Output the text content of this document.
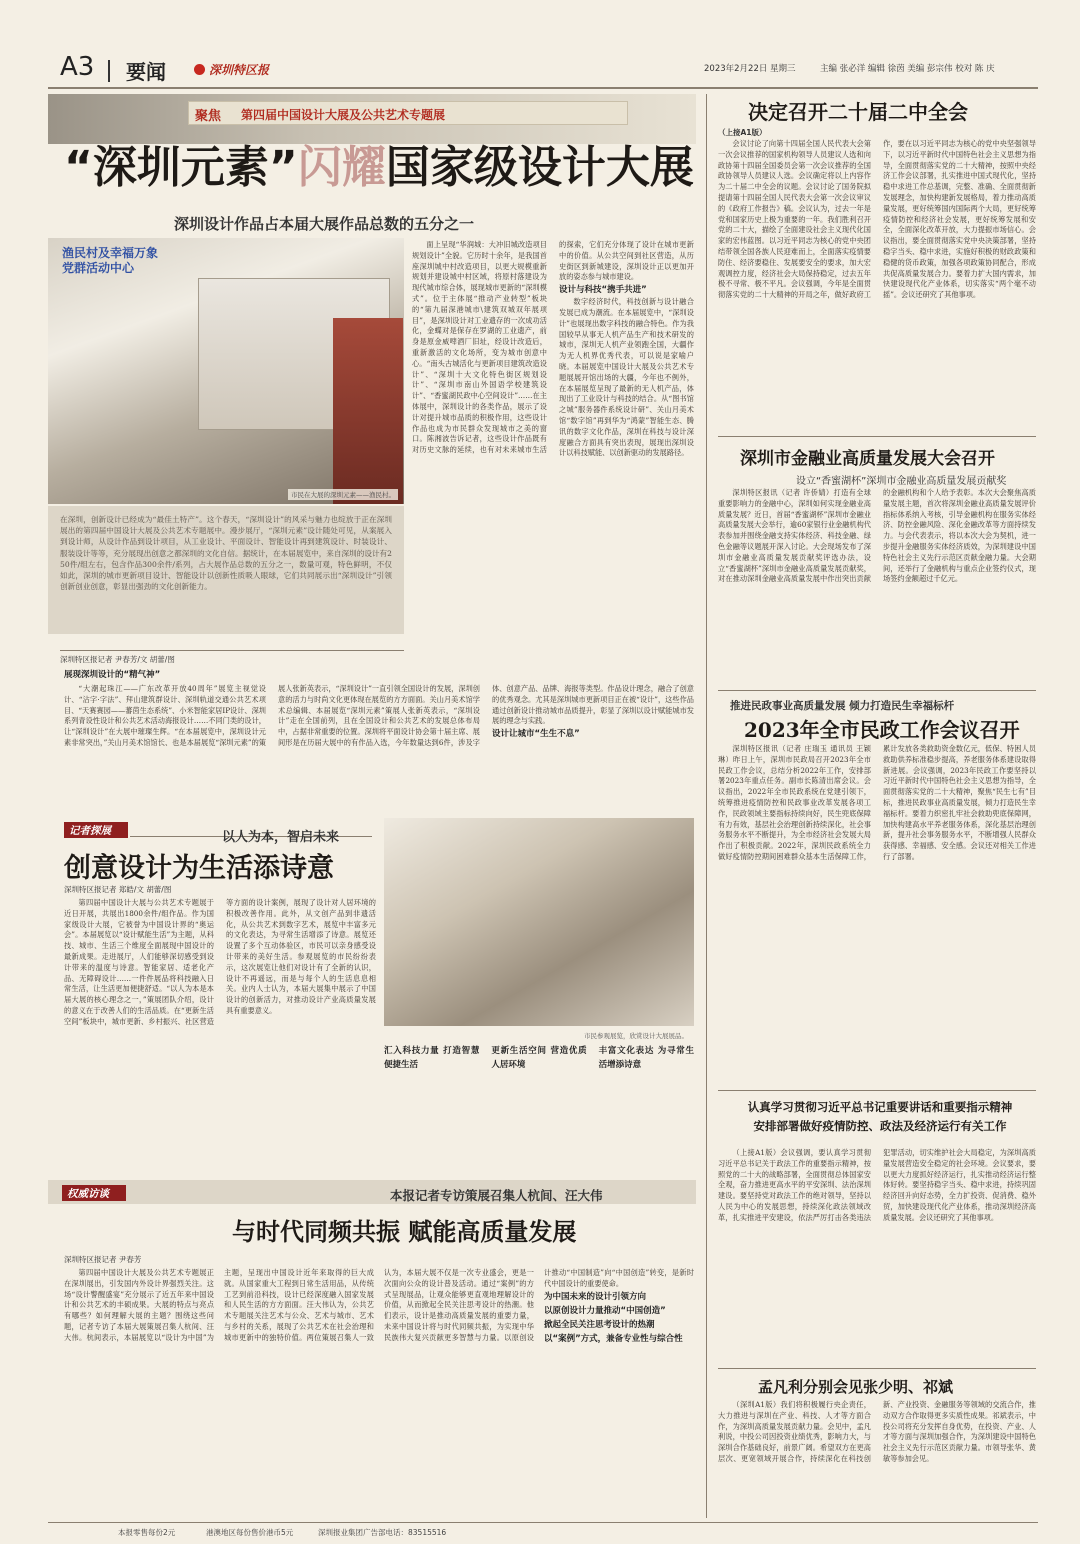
A3 要闻	深圳特区报	2023年2月22日 星期三	主编 张必洋 编辑 徐茵 美编 彭宗伟 校对 陈 庆
聚焦 第四届中国设计大展及公共艺术专题展
“深圳元素”闪耀国家级设计大展
深圳设计作品占本届大展作品总数的五分之一
渔民村及幸福万象
党群活动中心
市民在大展的深圳元素——渔民村。

面上呈现“华润城：大冲旧城改造项目规划设计”全貌。它历时十余年，是我国首座深圳城中村改造项目，以更大规模重新规划并建设城中村区域，将原村落建设为现代城市综合体，展现城市更新的“深圳模式”。位于主体展“推动产业转型”板块的“第九届深港城市\建筑双城双年展项目”，是深圳设计对工业遗存的一次成功活化，金蝶对是保存在罗湖的工业遗产，前身是原金威啤酒厂旧址，经设计改造后，重新激活的文化场所，变为城市创意中心。“南头古城活化与更新项目建筑改造设计”、“深圳十大文化特色街区规划设计”、“深圳市南山外国语学校建筑设计”、“香蜜湖民政中心空间设计”……在主体展中，深圳设计的各类作品，展示了设计对提升城市品质的积极作用，这些设计作品也成为市民群众发现城市之美的窗口。陈湘波告诉记者，这些设计作品既有对历史文脉的延续，也有对未来城市生活的探索，它们充分体现了设计在城市更新中的价值。从公共空间到社区营造，从历史街区到新城建设，深圳设计正以更加开放的姿态参与城市建设。

设计与科技“携手共进”

数字经济时代，科技创新与设计融合发展已成为潮流。在本届展览中，“深圳设计”也展现出数字科技的融合特色。作为我国较早从事无人机产品生产和技术研发的城市，深圳无人机产业领跑全国，大疆作为无人机界优秀代表，可以说是家喻户晓。本届展览中国设计大展及公共艺术专题展展开馆出场的大疆，今年也不例外，在本届展览呈现了最新的无人机产品，体现出了工业设计与科技的结合。从“图书馆之城”服务器件系统设计研”、关山月美术馆“数字馆”再到华为“鸿蒙”智能生态、腾讯的数字文化作品，深圳在科技与设计深度融合方面具有突出表现，展现出深圳设计以科技赋能、以创新驱动的发展路径。

在深圳，创新设计已经成为“最佳土特产”。这个春天，“深圳设计”的风采与魅力也绽放于正在深圳展出的第四届中国设计大展及公共艺术专题展中。漫步展厅，“深圳元素”设计随处可见，从案展入到设计师，从设计作品到设计项目，从工业设计、平面设计、智能设计再到建筑设计、时装设计、服装设计等等，充分展现出创意之都深圳的文化自信。据统计，在本届展览中，来自深圳的设计有250件/组左右，包含作品300余件/系列，占大展作品总数的五分之一，数量可观，特色鲜明，不仅如此，深圳的城市更新项目设计、智能设计以创新性质吸人眼球，它们共同展示出“深圳设计”引领创新创业创意，彰显出强劲的文化创新能力。
深圳特区报记者 尹春芳/文 胡蕾/图
展现深圳设计的“精气神”

“大潮起珠江——广东改革开放40周年”展览主视觉设计、“沾字·字法”、拜山建筑群设计、深圳轨道交通公共艺术项目、“天赛赛园——蕃茵生态系统”、小米智能家居IP设计、深圳系列青设性设计和公共艺术活动海报设计……不同门类的设计，让“深圳设计”在大展中璀璨生辉。“在本届展览中，深圳设计元素非常突出，”关山月美术馆馆长、也是本届展览“深圳元素”的策展人张新英表示，“深圳设计”一直引领全国设计的发展，深圳创意的活力与时尚文化更体现在展览的方方面面。关山月美术馆学术总编辑、本届展览“深圳元素”策展人张新英表示，“深圳设计”走在全国前列，且在全国设计和公共艺术的发展总体布局中，占据非常重要的位置。深圳将平面设计协会第十届主席、展间形是在历届大展中的有作品入选，今年数量达到6件，涉及字体、创意产品、品牌、海报等类型。作品设计理念，融合了创意的优秀观念。尤其是深圳城市更新项目正在被“设计”，这些作品通过创新设计推动城市品质提升，彰显了深圳以设计赋能城市发展的理念与实践。

设计让城市“生生不息”
记者探展	以人为本，智启未来
创意设计为生活添诗意
市民参观展览，欣赏设计大展展品。
深圳特区报记者 郑皓/文 胡蕾/图

第四届中国设计大展与公共艺术专题展于近日开展，共展出1800余件/组作品。作为国家级设计大展，它被誉为中国设计界的“奥运会”。本届展览以“设计赋能生活”为主题，从科技、城市、生活三个维度全面展现中国设计的最新成果。走进展厅，人们能够深切感受到设计带来的温度与诗意。智能家居、适老化产品、无障碍设计……一件件展品将科技融入日常生活，让生活更加便捷舒适。“以人为本是本届大展的核心理念之一，”策展团队介绍，设计的意义在于改善人们的生活品质。在“更新生活空间”板块中，城市更新、乡村振兴、社区营造等方面的设计案例，展现了设计对人居环境的积极改善作用。此外，从文创产品到非遗活化，从公共艺术到数字艺术，展览中丰富多元的文化表达，为寻常生活增添了诗意。展览还设置了多个互动体验区，市民可以亲身感受设计带来的美好生活。参观展览的市民纷纷表示，这次展览让他们对设计有了全新的认识，设计不再遥远，而是与每个人的生活息息相关。业内人士认为，本届大展集中展示了中国设计的创新活力，对推动设计产业高质量发展具有重要意义。

汇入科技力量 打造智慧便捷生活
更新生活空间 营造优质人居环境
丰富文化表达 为寻常生活增添诗意
权威访谈	本报记者专访策展召集人杭间、汪大伟
与时代同频共振 赋能高质量发展
深圳特区报记者 尹春芳

第四届中国设计大展及公共艺术专题展正在深圳展出，引发国内外设计界强烈关注。这场“设计警醒盛宴”充分展示了近五年来中国设计和公共艺术的丰硕成果。大展的特点与亮点有哪些？如何理解大展的主题？围绕这些问题，记者专访了本届大展策展召集人杭间、汪大伟。杭间表示，本届展览以“设计为中国”为主题，呈现出中国设计近年来取得的巨大成就。从国家重大工程到日常生活用品，从传统工艺到前沿科技，设计已经深度融入国家发展和人民生活的方方面面。汪大伟认为，公共艺术专题展关注艺术与公众、艺术与城市、艺术与乡村的关系，展现了公共艺术在社会治理和城市更新中的独特价值。两位策展召集人一致认为，本届大展不仅是一次专业盛会，更是一次面向公众的设计普及活动。通过“案例”的方式呈现展品，让观众能够更直观地理解设计的价值，从而掀起全民关注思考设计的热潮。他们表示，设计是推动高质量发展的重要力量，未来中国设计将与时代同频共振，为实现中华民族伟大复兴贡献更多智慧与力量。以原创设计推动“中国制造”向“中国创造”转变，是新时代中国设计的重要使命。

为中国未来的设计引领方向
以原创设计力量推动“中国创造”
掀起全民关注思考设计的热潮
以“案例”方式，兼备专业性与综合性
决定召开二十届二中全会
（上接A1版）

会议讨论了向第十四届全国人民代表大会第一次会议推荐的国家机构领导人员建议人选和向政协第十四届全国委员会第一次会议推荐的全国政协领导人员建议人选。会议确定将以上内容作为二十届二中全会的议题。会议讨论了国务院拟提请第十四届全国人民代表大会第一次会议审议的《政府工作报告》稿。会议认为，过去一年是党和国家历史上极为重要的一年。我们胜利召开党的二十大，描绘了全面建设社会主义现代化国家的宏伟蓝图。以习近平同志为核心的党中央团结带领全国各族人民迎难而上，全面落实疫情要防住、经济要稳住、发展要安全的要求，加大宏观调控力度，经济社会大局保持稳定，过去五年极不寻常、极不平凡。会议强调，今年是全面贯彻落实党的二十大精神的开局之年，做好政府工作，要在以习近平同志为核心的党中央坚强领导下，以习近平新时代中国特色社会主义思想为指导，全面贯彻落实党的二十大精神，按照中央经济工作会议部署，扎实推进中国式现代化，坚持稳中求进工作总基调，完整、准确、全面贯彻新发展理念，加快构建新发展格局，着力推动高质量发展，更好统筹国内国际两个大局，更好统筹疫情防控和经济社会发展，更好统筹发展和安全，全面深化改革开放，大力提振市场信心。会议指出，要全面贯彻落实党中央决策部署，坚持稳字当头、稳中求进，实施好积极的财政政策和稳健的货币政策，加强各项政策协同配合，形成共促高质量发展合力。要着力扩大国内需求，加快建设现代化产业体系，切实落实“两个毫不动摇”。会议还研究了其他事项。

深圳市金融业高质量发展大会召开
设立“香蜜湖杯”深圳市金融业高质量发展贡献奖

深圳特区报讯（记者 许侨婧）打造有全球重要影响力的金融中心，深圳如何实现金融业高质量发展？近日，首届“香蜜湖杯”深圳市金融业高质量发展大会举行，逾60家银行业金融机构代表参加并围绕金融支持实体经济、科技金融、绿色金融等议题展开深入讨论。大会现场发布了深圳市金融业高质量发展贡献奖评选办法，设立“香蜜湖杯”深圳市金融业高质量发展贡献奖，对在推动深圳金融业高质量发展中作出突出贡献的金融机构和个人给予表彰。本次大会聚焦高质量发展主题，首次将深圳金融业高质量发展评价指标体系纳入考核，引导金融机构在服务实体经济、防控金融风险、深化金融改革等方面持续发力。与会代表表示，将以本次大会为契机，进一步提升金融服务实体经济质效，为深圳建设中国特色社会主义先行示范区贡献金融力量。大会期间，还举行了金融机构与重点企业签约仪式，现场签约金额超过千亿元。

推进民政事业高质量发展 倾力打造民生幸福标杆
2023年全市民政工作会议召开

深圳特区报讯（记者 庄瑞玉 通讯员 王颖琳）昨日上午，深圳市民政局召开2023年全市民政工作会议，总结分析2022年工作，安排部署2023年重点任务。副市长陈清出席会议。会议指出，2022年全市民政系统在党建引领下，统筹推进疫情防控和民政事业改革发展各项工作，民政领域主要指标持续向好，民生兜底保障有力有效，基层社会治理创新持续深化，社会事务服务水平不断提升，为全市经济社会发展大局作出了积极贡献。2022年，深圳民政系统全力做好疫情防控期间困难群众基本生活保障工作，累计发放各类救助资金数亿元，低保、特困人员救助供养标准稳步提高，养老服务体系建设取得新进展。会议强调，2023年民政工作要坚持以习近平新时代中国特色社会主义思想为指导，全面贯彻落实党的二十大精神，聚焦“民生七有”目标，推进民政事业高质量发展，倾力打造民生幸福标杆。要着力织密扎牢社会救助兜底保障网，加快构建高水平养老服务体系，深化基层治理创新，提升社会事务服务水平，不断增强人民群众获得感、幸福感、安全感。会议还对相关工作进行了部署。

认真学习贯彻习近平总书记重要讲话和重要指示精神
安排部署做好疫情防控、政法及经济运行有关工作

（上接A1版）会议强调，要认真学习贯彻习近平总书记关于政法工作的重要指示精神，按照党的二十大的战略部署，全面贯彻总体国家安全观，奋力推进更高水平的平安深圳、法治深圳建设。要坚持党对政法工作的绝对领导，坚持以人民为中心的发展思想，持续深化政法领域改革，扎实推进平安建设，依法严厉打击各类违法犯罪活动，切实维护社会大局稳定，为深圳高质量发展营造安全稳定的社会环境。会议要求，要以更大力度抓好经济运行，扎实推动经济运行整体好转。要坚持稳字当头、稳中求进，持续巩固经济回升向好态势，全力扩投资、促消费、稳外贸，加快建设现代化产业体系，推动深圳经济高质量发展。会议还研究了其他事项。

孟凡利分别会见张少明、祁斌

（深圳A1版）我们将积极履行央企责任，大力推进与深圳在产业、科技、人才等方面合作，为深圳高质量发展贡献力量。会见中，孟凡利说，中投公司因投资业绩优秀，影响力大，与深圳合作基础良好，前景广阔。希望双方在更高层次、更宽领域开展合作，持续深化在科技创新、产业投资、金融服务等领域的交流合作，推动双方合作取得更多实质性成果。祁斌表示，中投公司将充分发挥自身优势，在投资、产业、人才等方面与深圳加强合作，为深圳建设中国特色社会主义先行示范区贡献力量。市领导张华、黄敏等参加会见。

本报零售每份2元	港澳地区每份售价港币5元	深圳报业集团广告部电话：83515516
